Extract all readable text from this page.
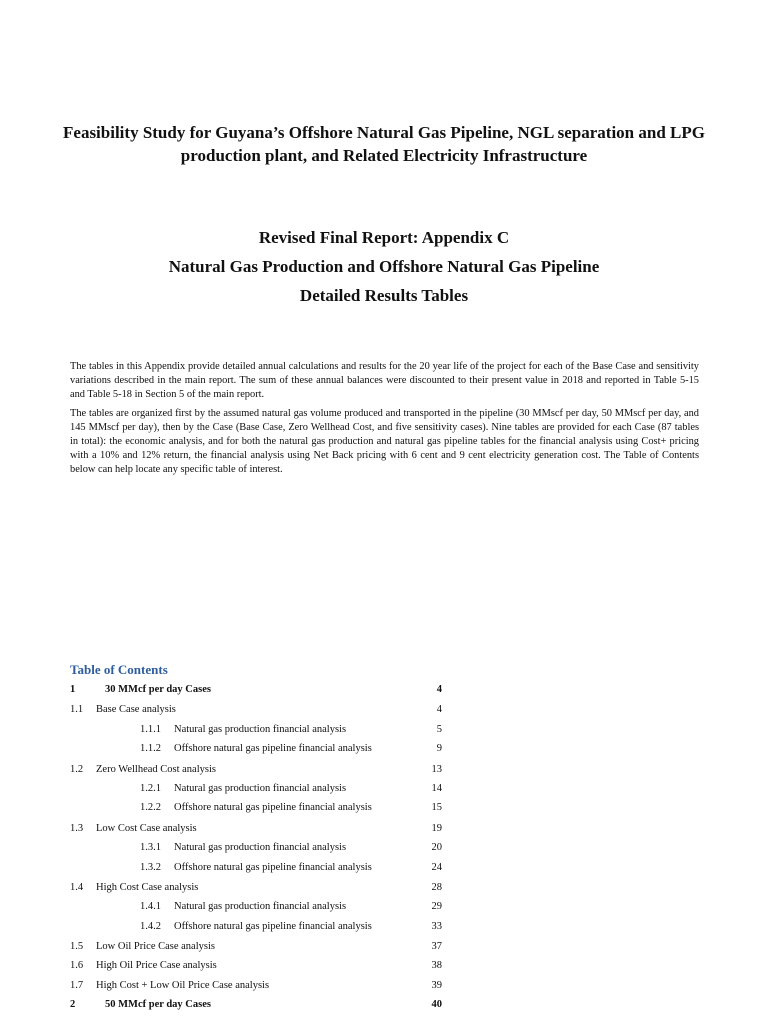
Feasibility Study for Guyana’s Offshore Natural Gas Pipeline, NGL separation and LPG production plant, and Related Electricity Infrastructure
Revised Final Report: Appendix C
Natural Gas Production and Offshore Natural Gas Pipeline
Detailed Results Tables

The tables in this Appendix provide detailed annual calculations and results for the 20 year life of the project for each of the Base Case and sensitivity variations described in the main report. The sum of these annual balances were discounted to their present value in 2018 and reported in Table 5-15 and Table 5-18 in Section 5 of the main report.

The tables are organized first by the assumed natural gas volume produced and transported in the pipeline (30 MMscf per day, 50 MMscf per day, and 145 MMscf per day), then by the Case (Base Case, Zero Wellhead Cost, and five sensitivity cases). Nine tables are provided for each Case (87 tables in total): the economic analysis, and for both the natural gas production and natural gas pipeline tables for the financial analysis using Cost+ pricing with a 10% and 12% return, the financial analysis using Net Back pricing with 6 cent and 9 cent electricity generation cost. The Table of Contents below can help locate any specific table of interest.

Table of Contents
1	30 MMcf per day Cases	4
1.1 Base Case analysis	4
1.1.1 Natural gas production financial analysis	5
1.1.2 Offshore natural gas pipeline financial analysis	9
1.2 Zero Wellhead Cost analysis	13
1.2.1 Natural gas production financial analysis	14
1.2.2 Offshore natural gas pipeline financial analysis	15
1.3 Low Cost Case analysis	19
1.3.1 Natural gas production financial analysis	20
1.3.2 Offshore natural gas pipeline financial analysis	24
1.4 High Cost Case analysis	28
1.4.1 Natural gas production financial analysis	29
1.4.2 Offshore natural gas pipeline financial analysis	33
1.5 Low Oil Price Case analysis	37
1.6 High Oil Price Case analysis	38
1.7 High Cost + Low Oil Price Case analysis	39
2	50 MMcf per day Cases	40
